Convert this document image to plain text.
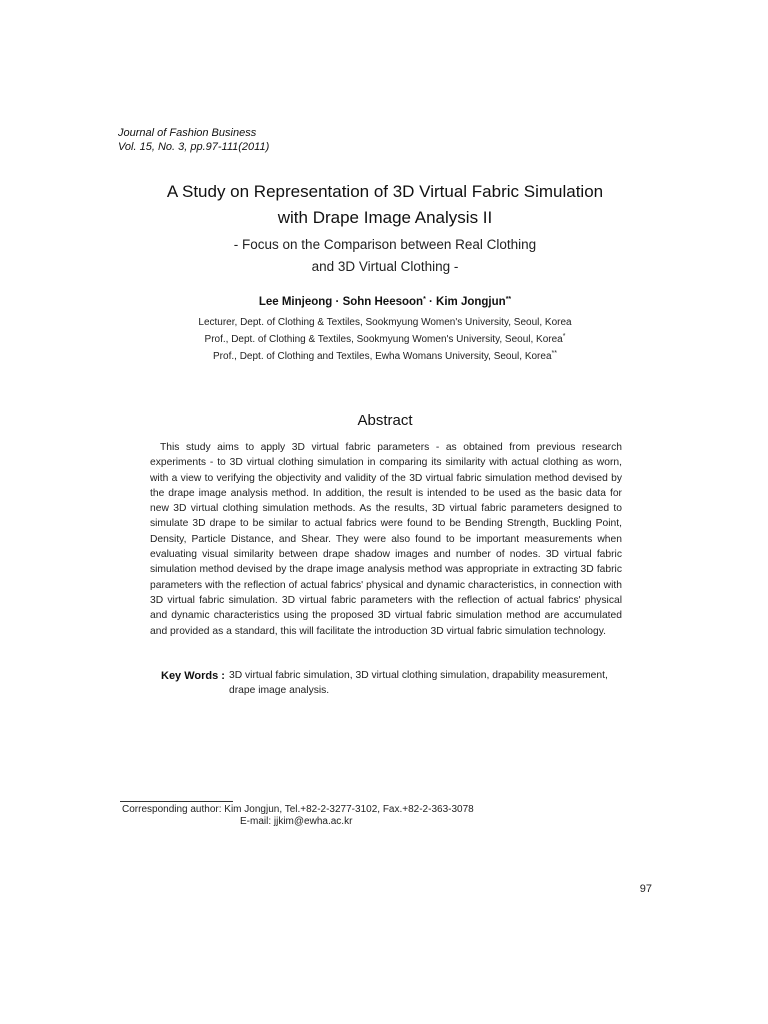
Journal of Fashion Business
Vol. 15, No. 3, pp.97-111(2011)
A Study on Representation of 3D Virtual Fabric Simulation
with Drape Image Analysis II
- Focus on the Comparison between Real Clothing
and 3D Virtual Clothing -
Lee Minjeong · Sohn Heesoon* · Kim Jongjun**
Lecturer, Dept. of Clothing & Textiles, Sookmyung Women's University, Seoul, Korea
Prof., Dept. of Clothing & Textiles, Sookmyung Women's University, Seoul, Korea*
Prof., Dept. of Clothing and Textiles, Ewha Womans University, Seoul, Korea**
Abstract
This study aims to apply 3D virtual fabric parameters - as obtained from previous research experiments - to 3D virtual clothing simulation in comparing its similarity with actual clothing as worn, with a view to verifying the objectivity and validity of the 3D virtual fabric simulation method devised by the drape image analysis method. In addition, the result is intended to be used as the basic data for new 3D virtual clothing simulation methods. As the results, 3D virtual fabric parameters designed to simulate 3D drape to be similar to actual fabrics were found to be Bending Strength, Buckling Point, Density, Particle Distance, and Shear. They were also found to be important measurements when evaluating visual similarity between drape shadow images and number of nodes. 3D virtual fabric simulation method devised by the drape image analysis method was appropriate in extracting 3D fabric parameters with the reflection of actual fabrics' physical and dynamic characteristics, in connection with 3D virtual fabric simulation. 3D virtual fabric parameters with the reflection of actual fabrics' physical and dynamic characteristics using the proposed 3D virtual fabric simulation method are accumulated and provided as a standard, this will facilitate the introduction 3D virtual fabric simulation technology.
Key Words : 3D virtual fabric simulation, 3D virtual clothing simulation, drapability measurement, drape image analysis.
Corresponding author: Kim Jongjun, Tel.+82-2-3277-3102, Fax.+82-2-363-3078
E-mail: jjkim@ewha.ac.kr
97
